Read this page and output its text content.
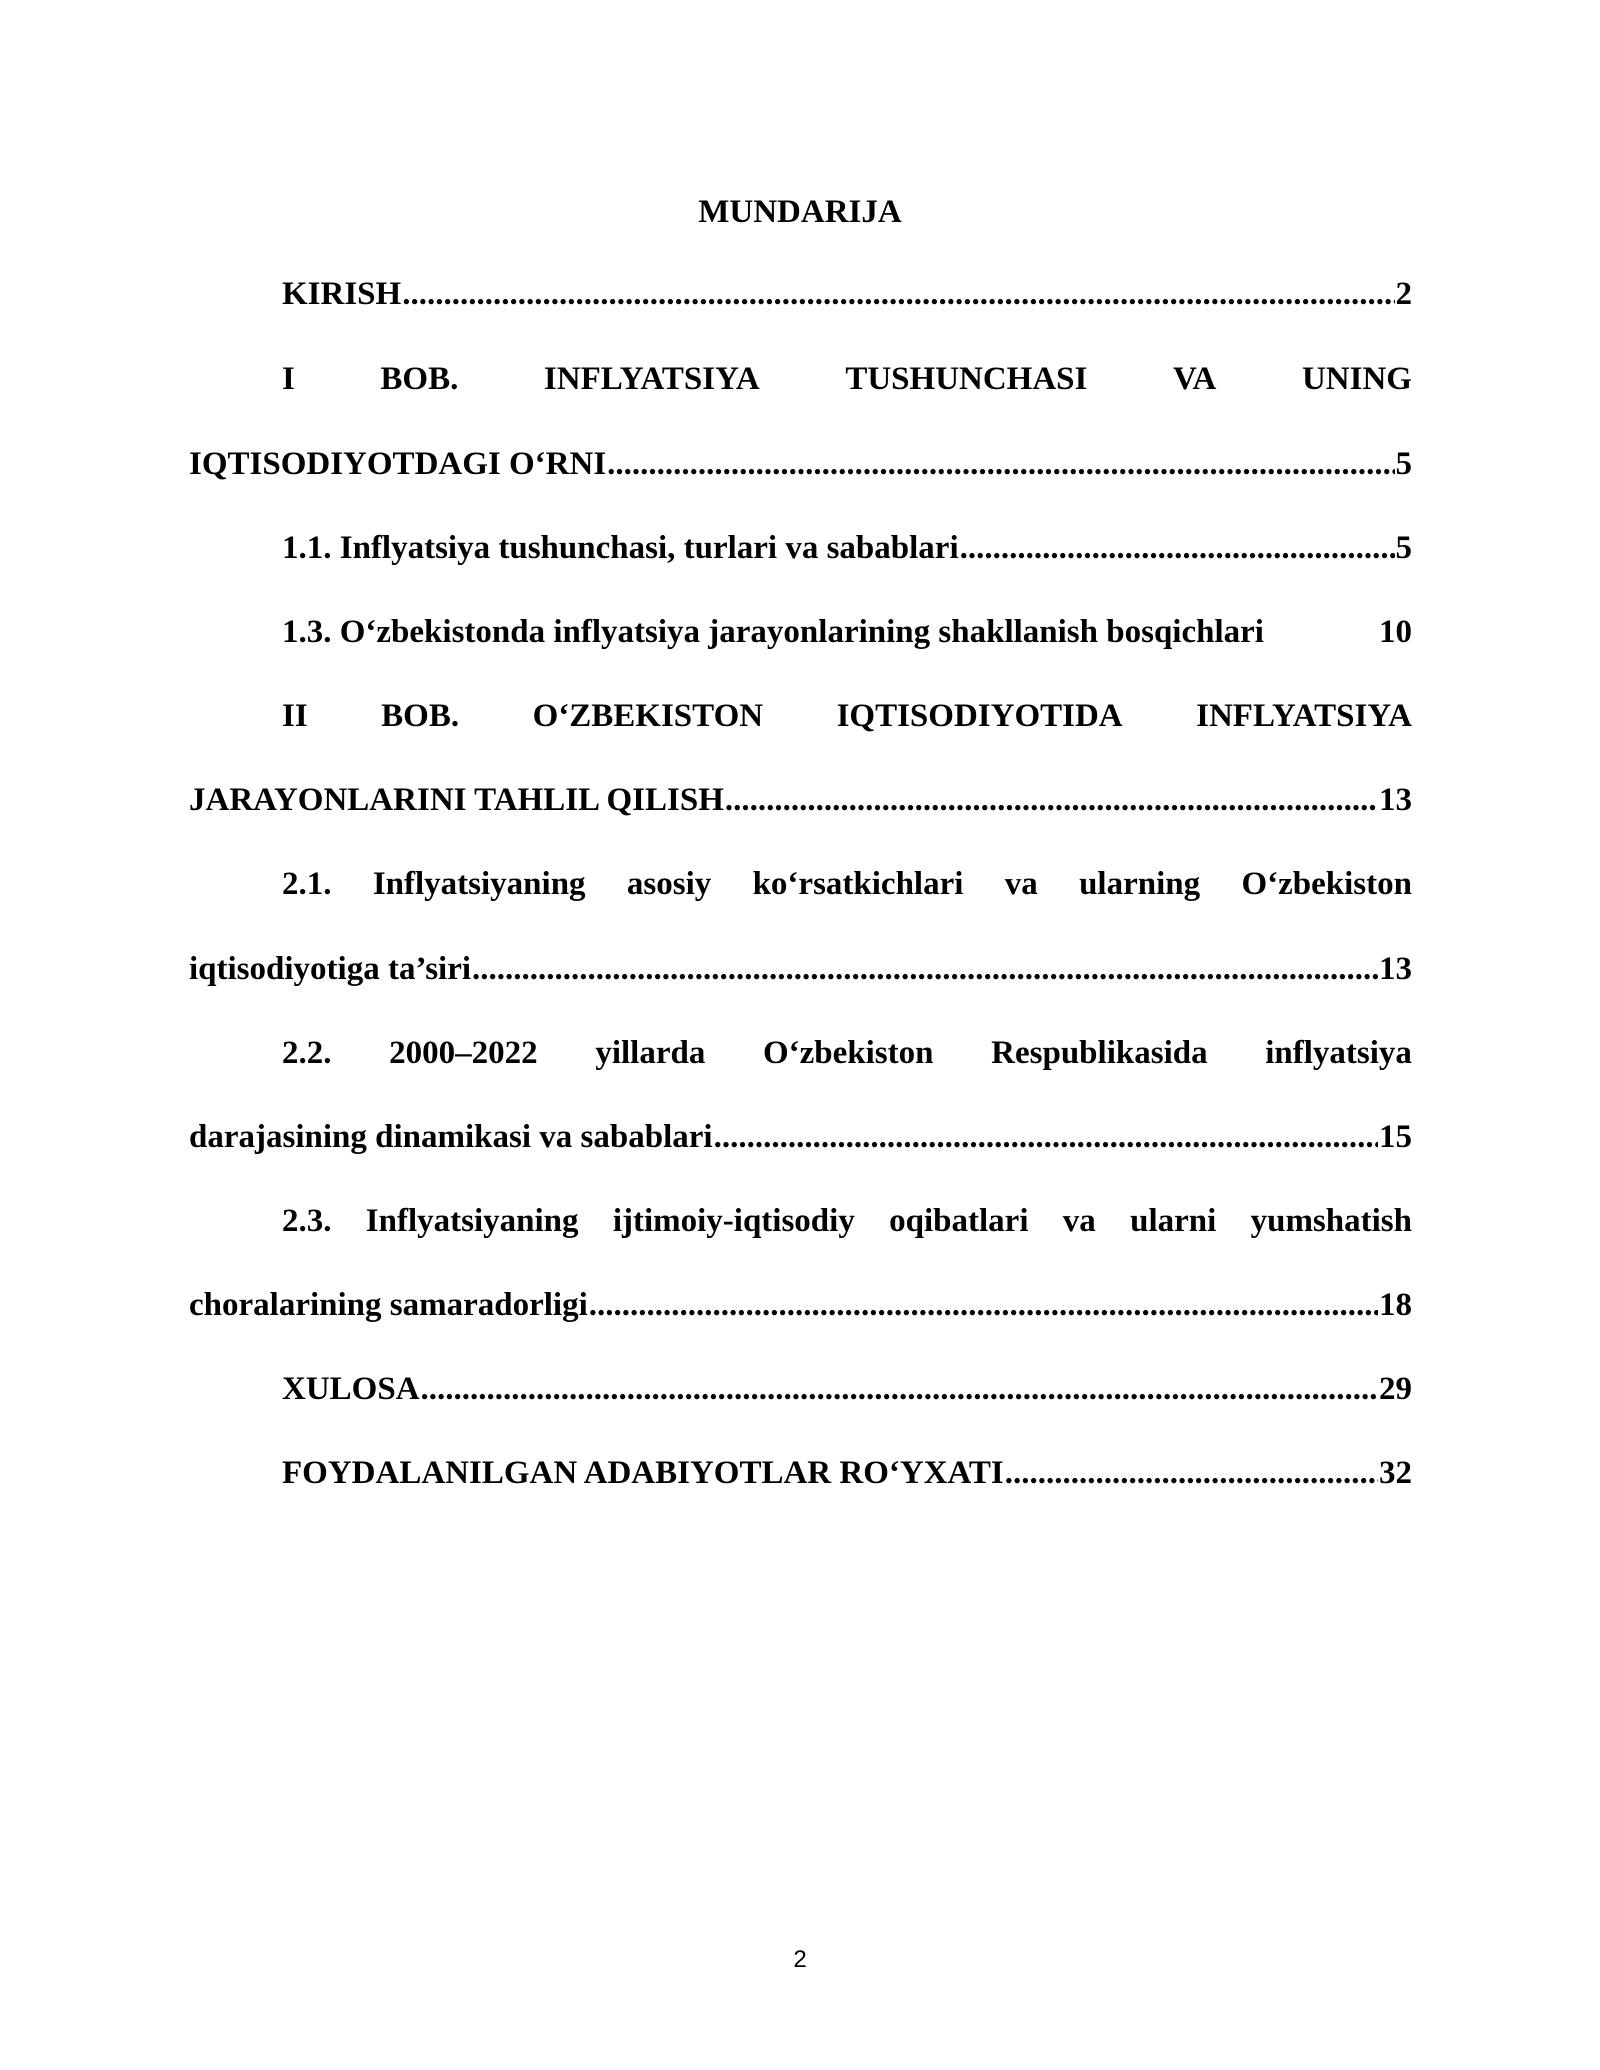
MUNDARIJA
KIRISH .....	2
I	BOB.	INFLYATSIYA	TUSHUNCHASI	VA	UNING
IQTISODIYOTDAGI O‘RNI .....	5
1.1. Inflyatsiya tushunchasi, turlari va sabablari .....	5
1.3. O‘zbekistonda inflyatsiya jarayonlarining shakllanish bosqichlari	10
II BOB. O‘ZBEKISTON IQTISODIYOTIDA INFLYATSIYA
JARAYONLARINI TAHLIL QILISH .....	13
2.1. Inflyatsiyaning asosiy ko‘rsatkichlari va ularning O‘zbekiston
iqtisodiyotiga ta’siri .....	13
2.2. 2000–2022 yillarda O‘zbekiston Respublikasida inflyatsiya
darajasining dinamikasi va sabablari .....	15
2.3. Inflyatsiyaning ijtimoiy-iqtisodiy oqibatlari va ularni yumshatish
choralarining samaradorligi .....	18
XULOSA .....	29
FOYDALANILGAN ADABIYOTLAR RO‘YXATI .....	32
2
